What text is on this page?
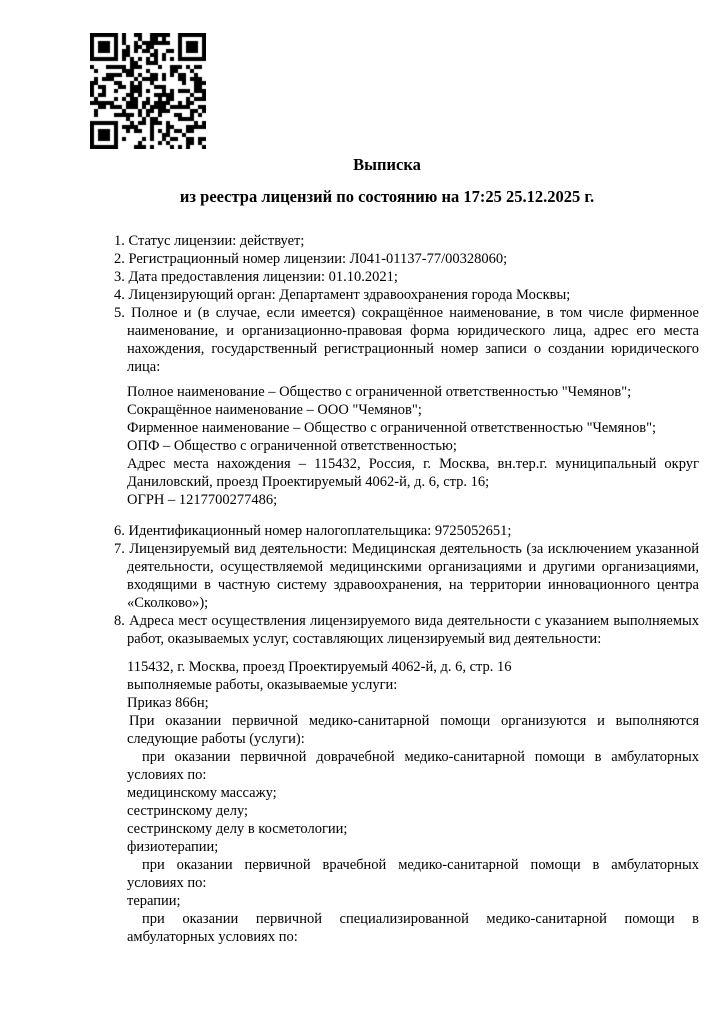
Выписка
из реестра лицензий по состоянию на 17:25 25.12.2025 г.

1. Статус лицензии: действует;

2. Регистрационный номер лицензии: Л041-01137-77/00328060;

3. Дата предоставления лицензии: 01.10.2021;

4. Лицензирующий орган: Департамент здравоохранения города Москвы;

5. Полное и (в случае, если имеется) сокращённое наименование, в том числе фирменное наименование, и организационно-правовая форма юридического лица, адрес его места нахождения, государственный регистрационный номер записи о создании юридического лица:

Полное наименование – Общество с ограниченной ответственностью "Чемянов";

Сокращённое наименование – ООО "Чемянов";

Фирменное наименование – Общество с ограниченной ответственностью "Чемянов";

ОПФ – Общество с ограниченной ответственностью;

Адрес места нахождения – 115432, Россия, г. Москва, вн.тер.г. муниципальный округ Даниловский, проезд Проектируемый 4062-й, д. 6, стр. 16;

ОГРН – 1217700277486;

6. Идентификационный номер налогоплательщика: 9725052651;

7. Лицензируемый вид деятельности: Медицинская деятельность (за исключением указанной деятельности, осуществляемой медицинскими организациями и другими организациями, входящими в частную систему здравоохранения, на территории инновационного центра «Сколково»);

8. Адреса мест осуществления лицензируемого вида деятельности с указанием выполняемых работ, оказываемых услуг, составляющих лицензируемый вид деятельности:

115432, г. Москва, проезд Проектируемый 4062-й, д. 6, стр. 16

выполняемые работы, оказываемые услуги:

Приказ 866н;

При оказании первичной медико-санитарной помощи организуются и выполняются следующие работы (услуги):

при оказании первичной доврачебной медико-санитарной помощи в амбулаторных условиях по:

медицинскому массажу;

сестринскому делу;

сестринскому делу в косметологии;

физиотерапии;

при оказании первичной врачебной медико-санитарной помощи в амбулаторных условиях по:

терапии;

при оказании первичной специализированной медико-санитарной помощи в амбулаторных условиях по:
